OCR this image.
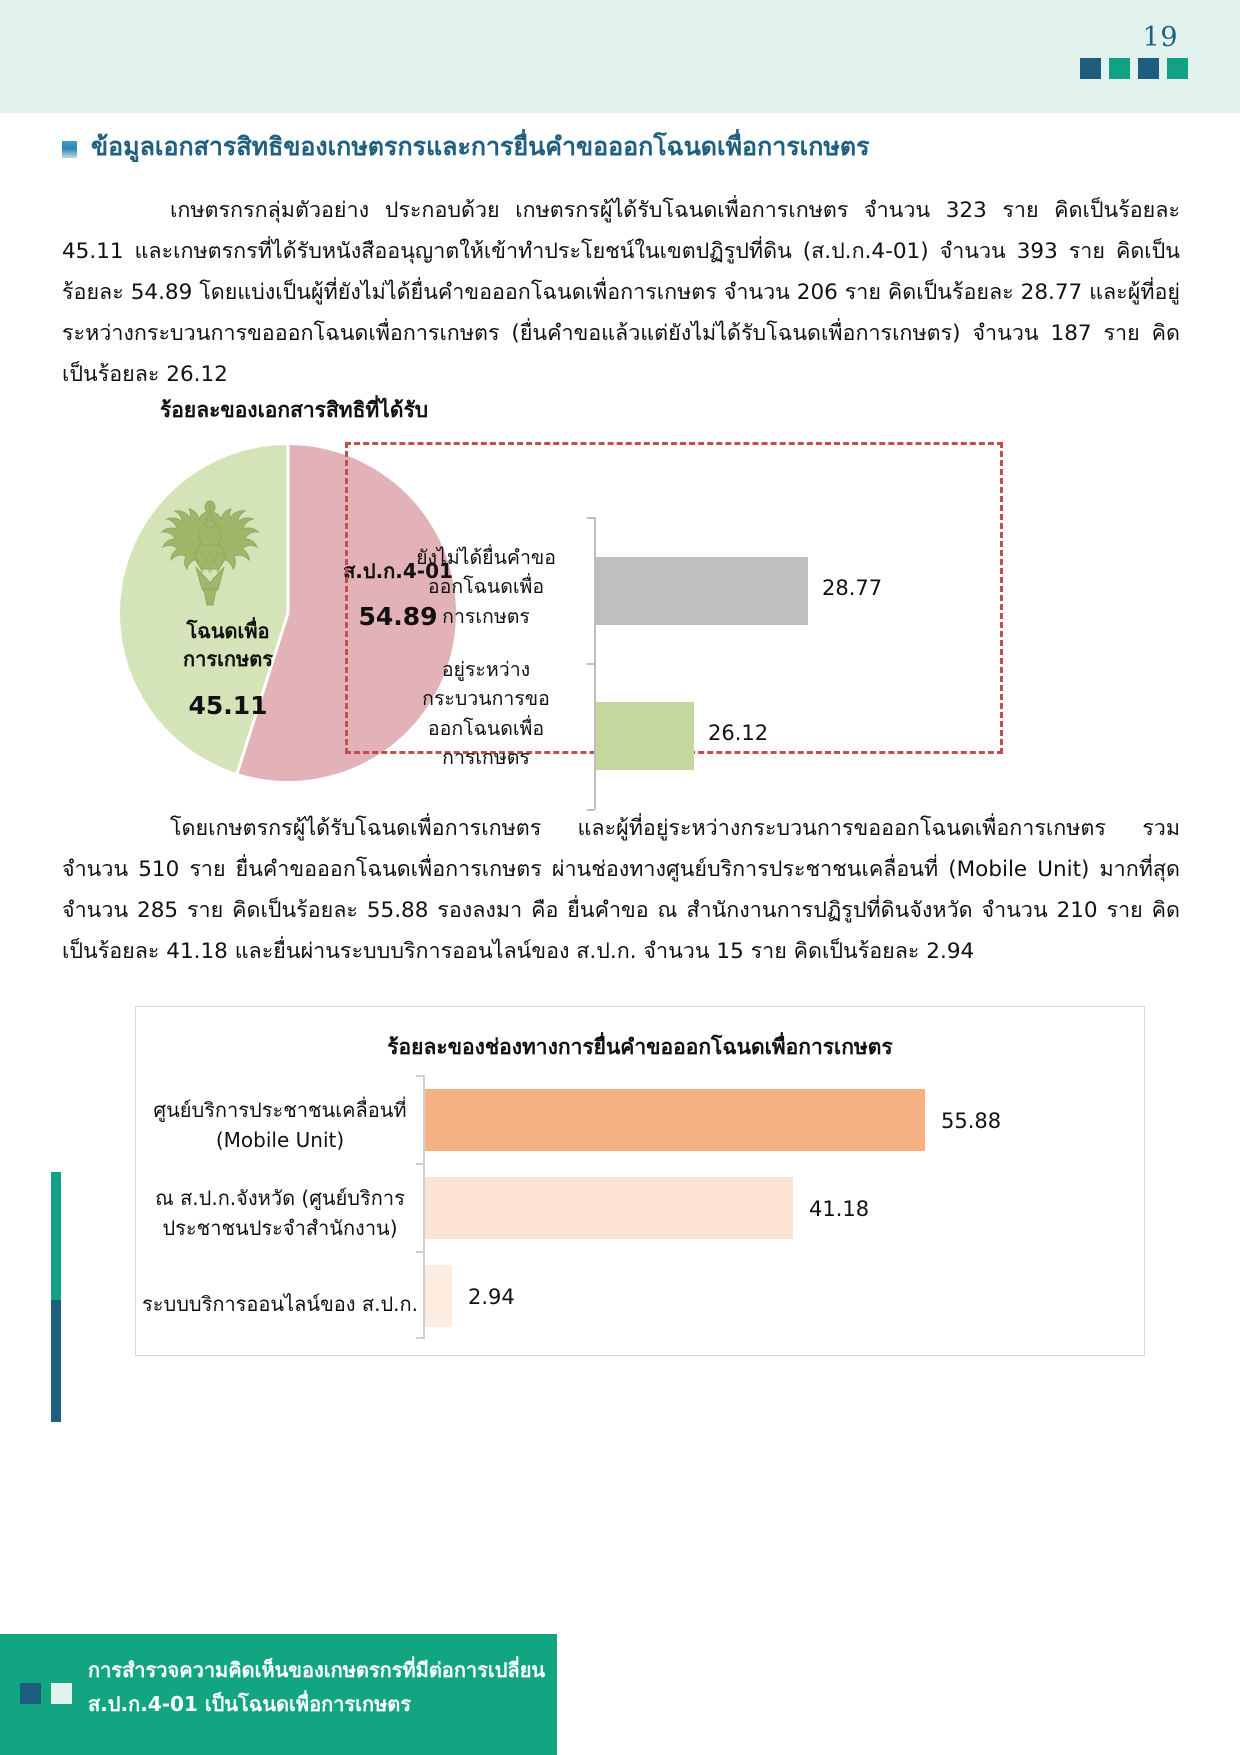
19
ข้อมูลเอกสารสิทธิของเกษตรกรและการยื่นคำขอออกโฉนดเพื่อการเกษตร
เกษตรกรกลุ่มตัวอย่าง ประกอบด้วย เกษตรกรผู้ได้รับโฉนดเพื่อการเกษตร จำนวน 323 ราย คิดเป็นร้อยละ 45.11 และเกษตรกรที่ได้รับหนังสืออนุญาตให้เข้าทำประโยชน์ในเขตปฏิรูปที่ดิน (ส.ป.ก.4-01) จำนวน 393 ราย คิดเป็นร้อยละ 54.89 โดยแบ่งเป็นผู้ที่ยังไม่ได้ยื่นคำขอออกโฉนดเพื่อการเกษตร จำนวน 206 ราย คิดเป็นร้อยละ 28.77 และผู้ที่อยู่ระหว่างกระบวนการขอออกโฉนดเพื่อการเกษตร (ยื่นคำขอแล้วแต่ยังไม่ได้รับโฉนดเพื่อการเกษตร) จำนวน 187 ราย คิดเป็นร้อยละ 26.12
ร้อยละของเอกสารสิทธิที่ได้รับ
โฉนดเพื่อการเกษตร
45.11
ส.ป.ก.4-01
54.89
ยังไม่ได้ยื่นคำขอ
ออกโฉนดเพื่อ
การเกษตร
28.77
อยู่ระหว่าง
กระบวนการขอ
ออกโฉนดเพื่อ
การเกษตร
26.12
โดยเกษตรกรผู้ได้รับโฉนดเพื่อการเกษตร และผู้ที่อยู่ระหว่างกระบวนการขอออกโฉนดเพื่อการเกษตร รวมจำนวน 510 ราย ยื่นคำขอออกโฉนดเพื่อการเกษตร ผ่านช่องทางศูนย์บริการประชาชนเคลื่อนที่ (Mobile Unit) มากที่สุด จำนวน 285 ราย คิดเป็นร้อยละ 55.88 รองลงมา คือ ยื่นคำขอ ณ สำนักงานการปฏิรูปที่ดินจังหวัด จำนวน 210 ราย คิดเป็นร้อยละ 41.18 และยื่นผ่านระบบบริการออนไลน์ของ ส.ป.ก. จำนวน 15 ราย คิดเป็นร้อยละ 2.94
ร้อยละของช่องทางการยื่นคำขอออกโฉนดเพื่อการเกษตร
ศูนย์บริการประชาชนเคลื่อนที่
(Mobile Unit)
55.88
ณ ส.ป.ก.จังหวัด (ศูนย์บริการ
ประชาชนประจำสำนักงาน)
41.18
ระบบบริการออนไลน์ของ ส.ป.ก. 2.94
การสำรวจความคิดเห็นของเกษตรกรที่มีต่อการเปลี่ยน
ส.ป.ก.4-01 เป็นโฉนดเพื่อการเกษตร
